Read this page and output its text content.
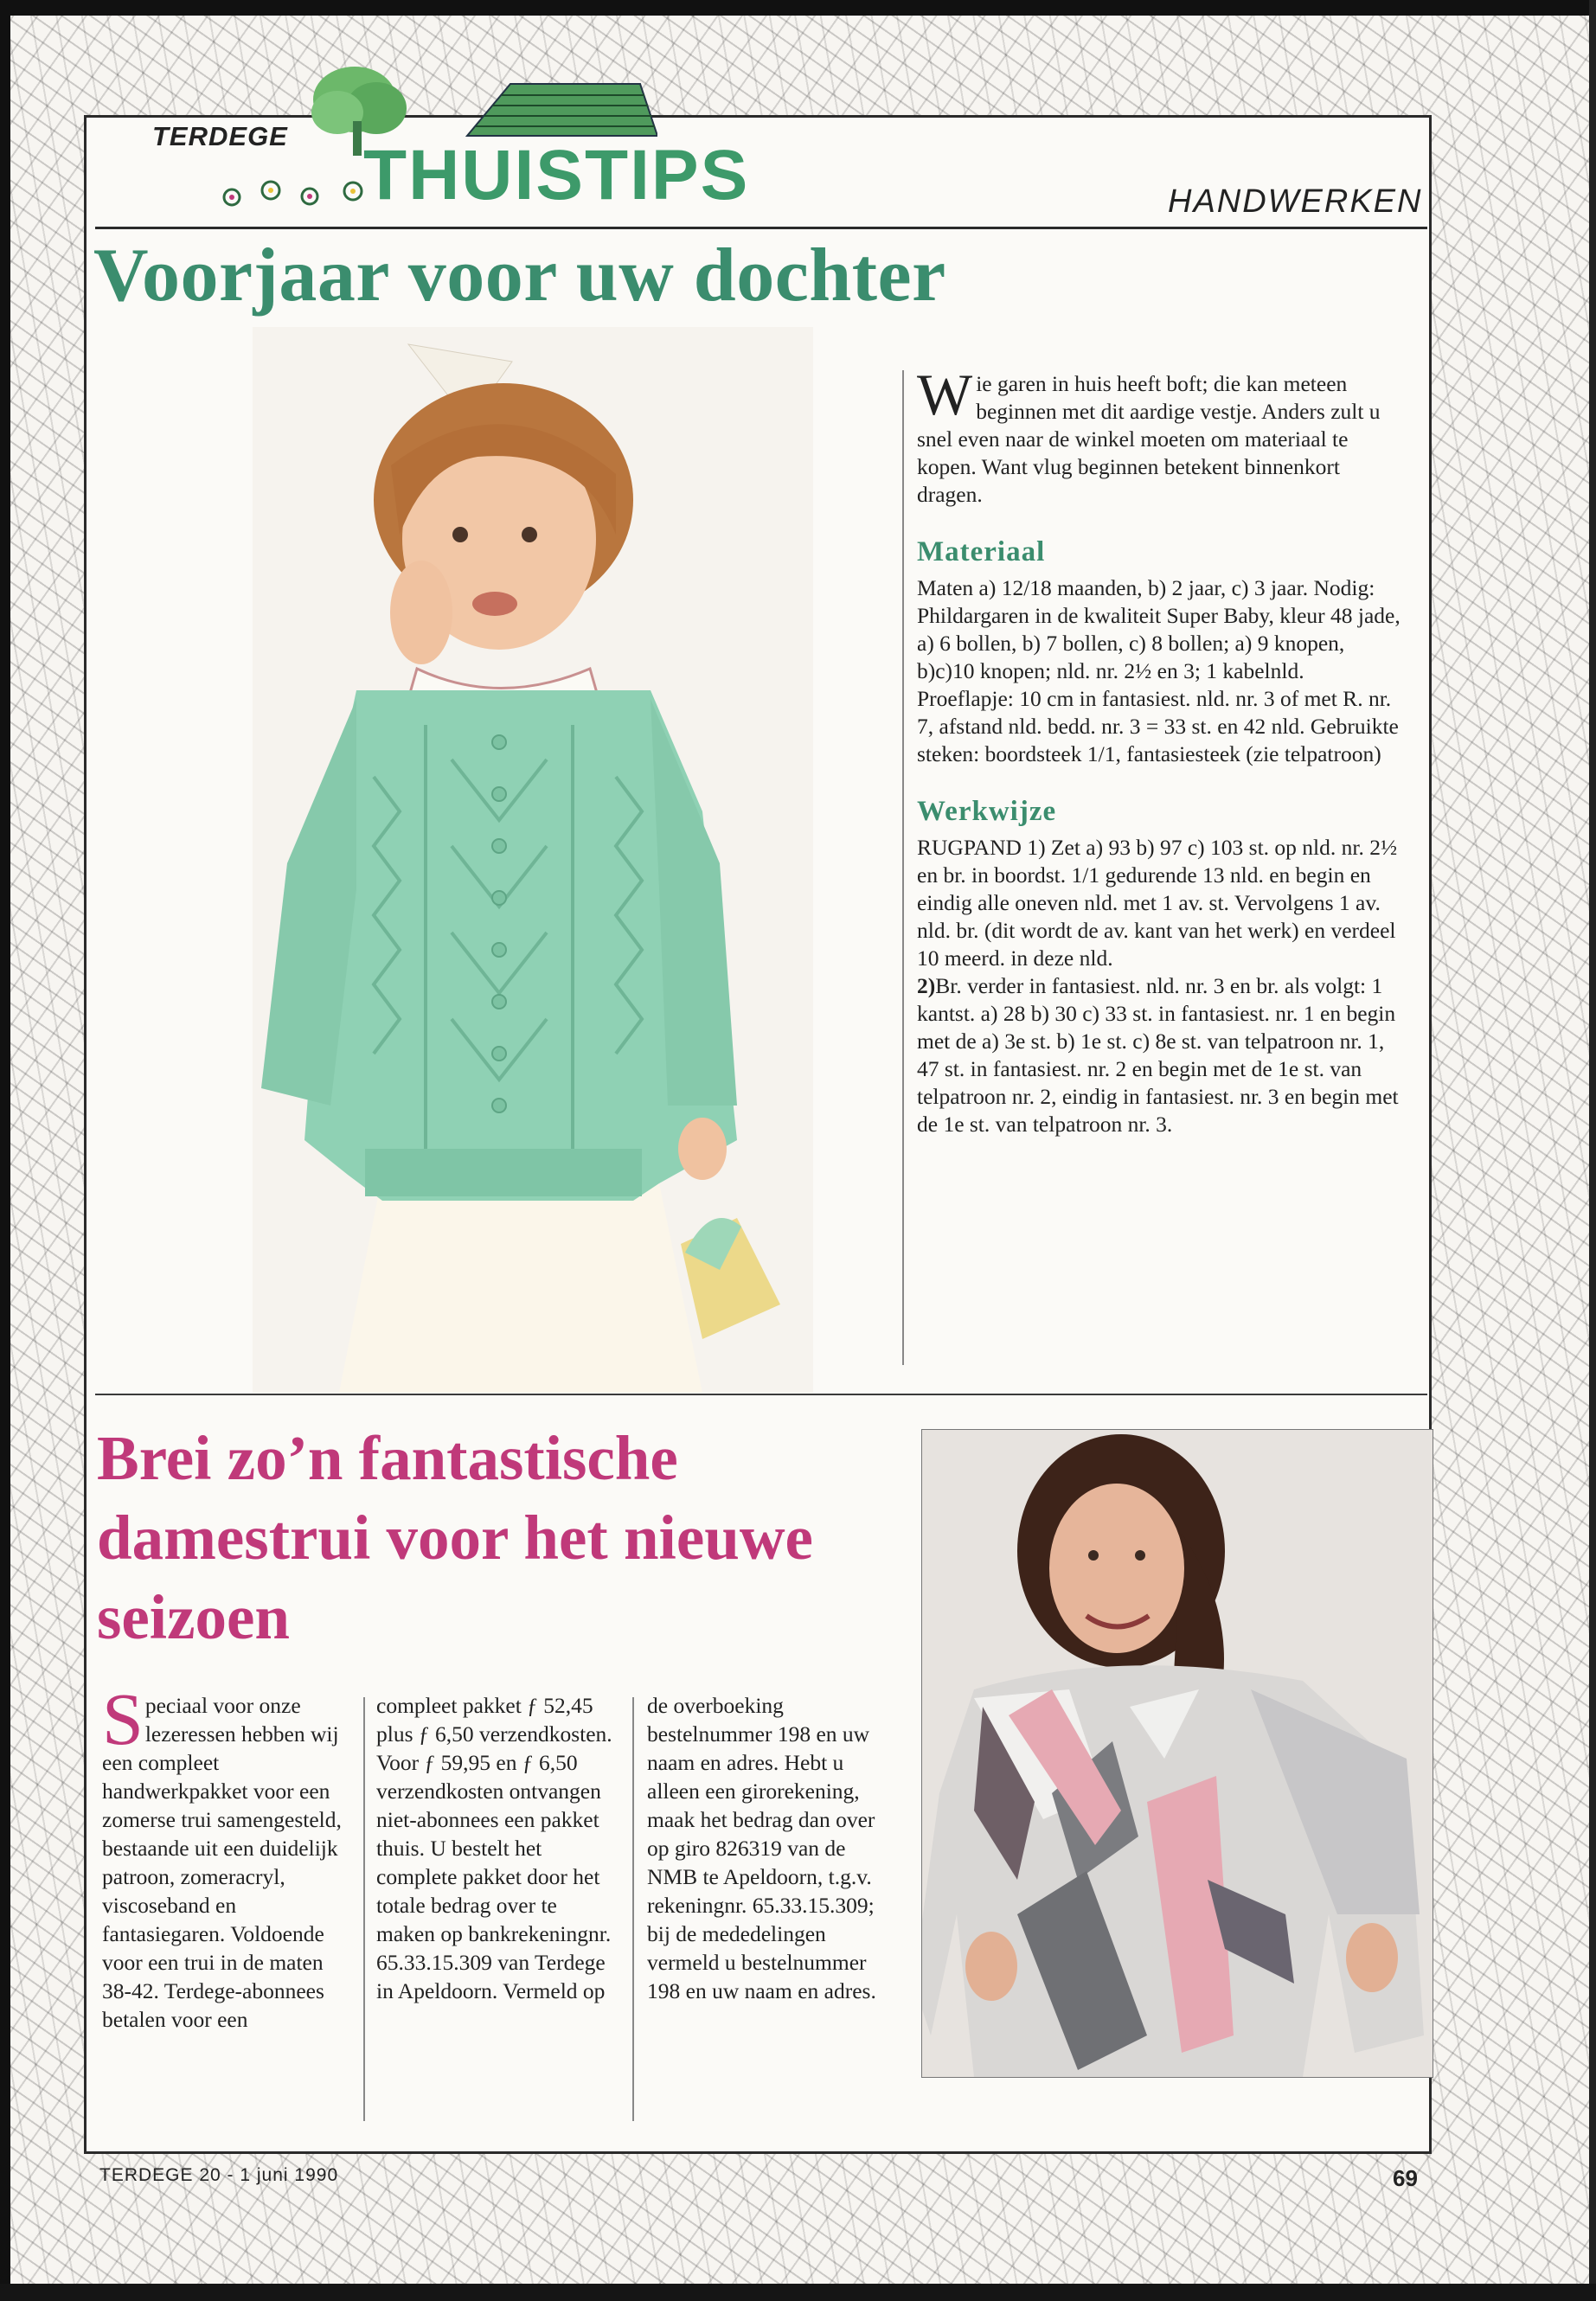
TERDEGE THUISTIPS	HANDWERKEN
Voorjaar voor uw dochter

Wie garen in huis heeft boft; die kan meteen beginnen met dit aardige vestje. Anders zult u snel even naar de winkel moeten om materiaal te kopen. Want vlug beginnen betekent binnenkort dragen.

Materiaal

Maten a) 12/18 maanden, b) 2 jaar, c) 3 jaar. Nodig: Phildargaren in de kwaliteit Super Baby, kleur 48 jade, a) 6 bollen, b) 7 bollen, c) 8 bollen; a) 9 knopen, b)c)10 knopen; nld. nr. 2½ en 3; 1 kabelnld. Proeflapje: 10 cm in fantasiest. nld. nr. 3 of met R. nr. 7, afstand nld. bedd. nr. 3 = 33 st. en 42 nld. Gebruikte steken: boordsteek 1/1, fantasiesteek (zie telpatroon)

Werkwijze

RUGPAND 1) Zet a) 93 b) 97 c) 103 st. op nld. nr. 2½ en br. in boordst. 1/1 gedurende 13 nld. en begin en eindig alle oneven nld. met 1 av. st. Vervolgens 1 av. nld. br. (dit wordt de av. kant van het werk) en verdeel 10 meerd. in deze nld.

2)Br. verder in fantasiest. nld. nr. 3 en br. als volgt: 1 kantst. a) 28 b) 30 c) 33 st. in fantasiest. nr. 1 en begin met de a) 3e st. b) 1e st. c) 8e st. van telpatroon nr. 1, 47 st. in fantasiest. nr. 2 en begin met de 1e st. van telpatroon nr. 2, eindig in fantasiest. nr. 3 en begin met de 1e st. van telpatroon nr. 3.

Brei zo’n fantastische damestrui voor het nieuwe seizoen
Speciaal voor onze lezeressen hebben wij een compleet handwerkpakket voor een zomerse trui samengesteld, bestaande uit een duidelijk patroon, zomeracryl, viscoseband en fantasiegaren. Voldoende voor een trui in de maten 38-42. Terdege-abonnees betalen voor een
compleet pakket ƒ 52,45 plus ƒ 6,50 verzendkosten. Voor ƒ 59,95 en ƒ 6,50 verzendkosten ontvangen niet-abonnees een pakket thuis. U bestelt het complete pakket door het totale bedrag over te maken op bankrekeningnr. 65.33.15.309 van Terdege in Apeldoorn. Vermeld op
de overboeking bestelnummer 198 en uw naam en adres. Hebt u alleen een girorekening, maak het bedrag dan over op giro 826319 van de NMB te Apeldoorn, t.g.v. rekeningnr. 65.33.15.309; bij de mededelingen vermeld u bestelnummer 198 en uw naam en adres.
TERDEGE 20 - 1 juni 1990	69
